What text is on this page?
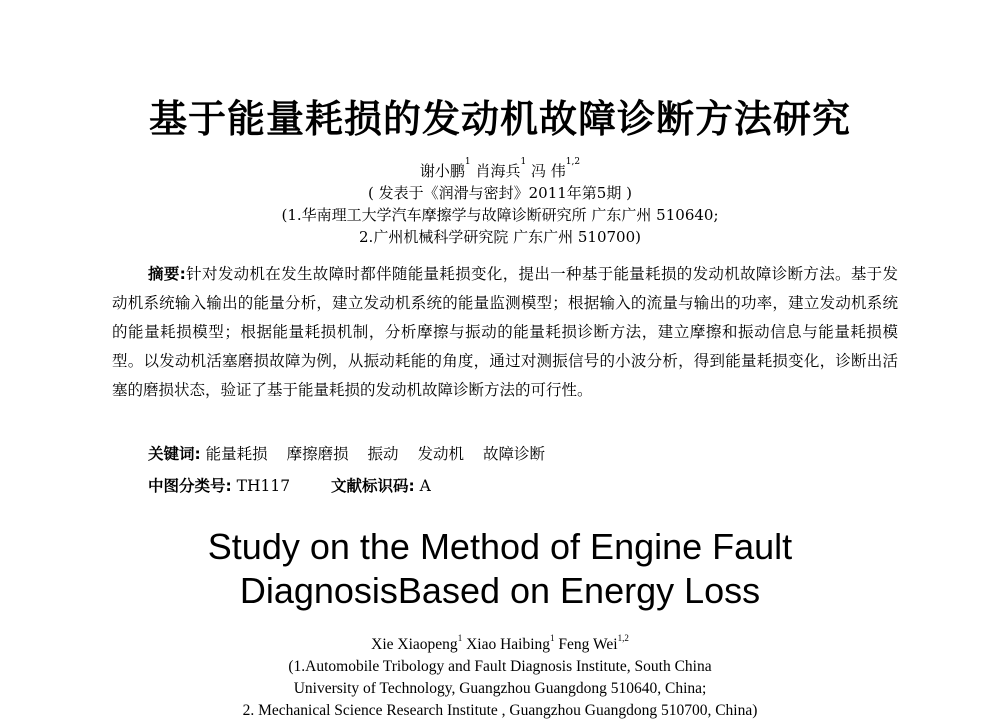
基于能量耗损的发动机故障诊断方法研究
谢小鹏$^1$ 肖海兵$^1$ 冯 伟$^{1,2}$
( 发表于《润滑与密封》2011年第5期 )
(1.华南理工大学汽车摩擦学与故障诊断研究所 广东广州 510640;
2.广州机械科学研究院 广东广州 510700)
摘要:针对发动机在发生故障时都伴随能量耗损变化，提出一种基于能量耗损的发动机故障诊断方法。基于发动机系统输入输出的能量分析，建立发动机系统的能量监测模型；根据输入的流量与输出的功率，建立发动机系统的能量耗损模型；根据能量耗损机制，分析摩擦与振动的能量耗损诊断方法，建立摩擦和振动信息与能量耗损模型。以发动机活塞磨损故障为例，从振动耗能的角度，通过对测振信号的小波分析，得到能量耗损变化，诊断出活塞的磨损状态，验证了基于能量耗损的发动机故障诊断方法的可行性。
关键词: 能量耗损 摩擦磨损 振动 发动机 故障诊断
中图分类号: TH117	文献标识码: A
Study on the Method of Engine Fault
DiagnosisBased on Energy Loss
Xie Xiaopeng$^1$ Xiao Haibing$^1$ Feng Wei$^{1,2}$
(1.Automobile Tribology and Fault Diagnosis Institute, South China
University of Technology, Guangzhou Guangdong 510640, China;
2. Mechanical Science Research Institute , Guangzhou Guangdong 510700, China)
